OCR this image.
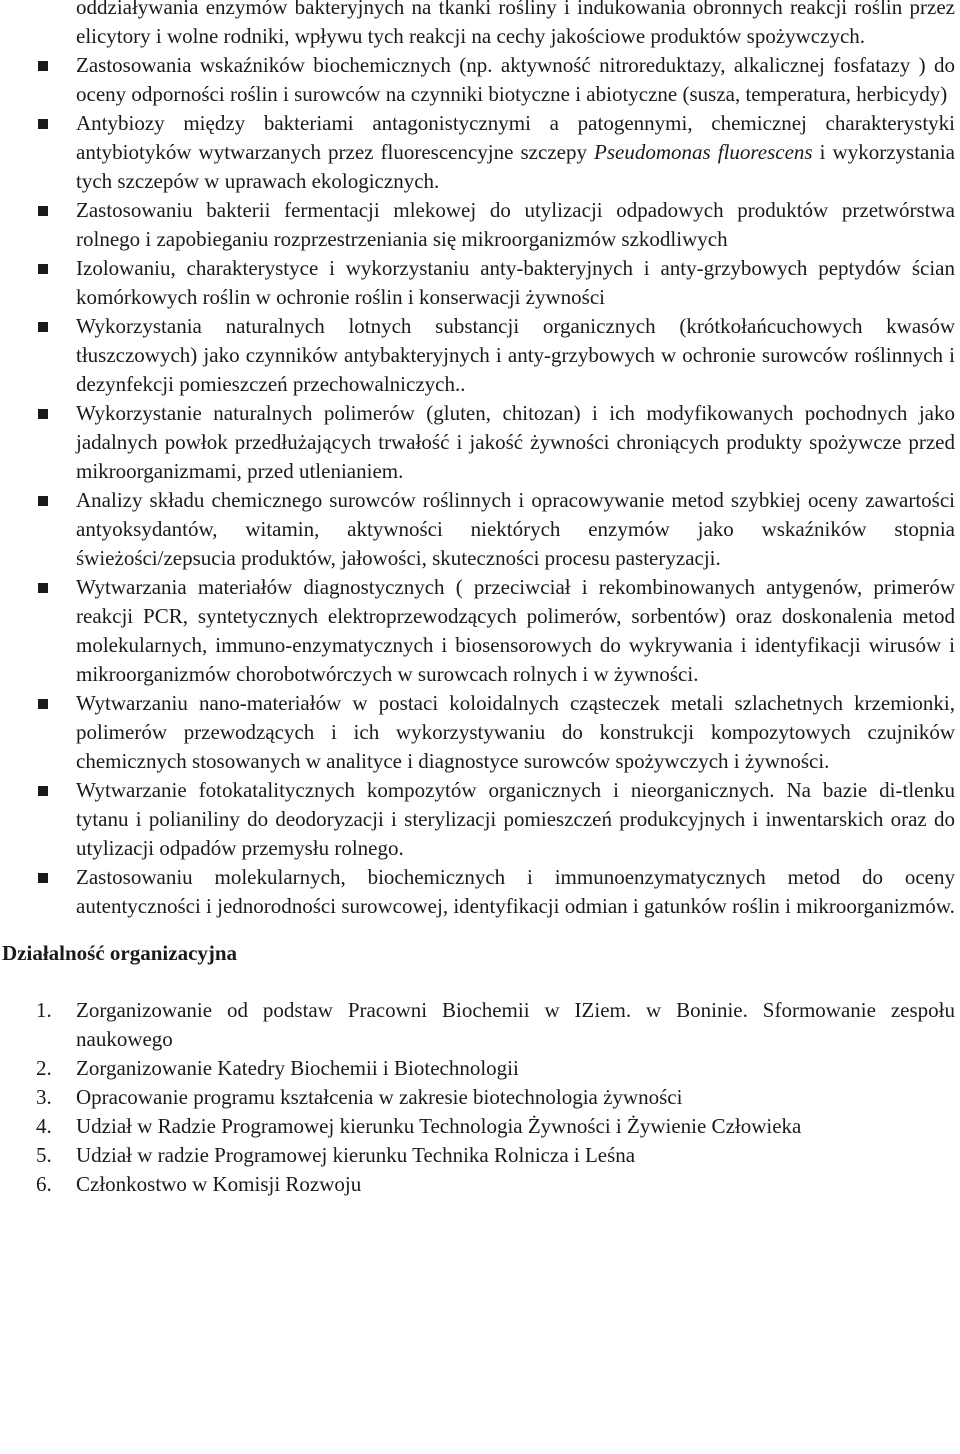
oddziaływania enzymów bakteryjnych na tkanki rośliny i indukowania obronnych reakcji roślin przez elicytory i wolne rodniki, wpływu tych reakcji na cechy jakościowe produktów spożywczych.
Zastosowania wskaźników biochemicznych (np. aktywność nitroreduktazy, alkalicznej fosfatazy ) do oceny odporności roślin i surowców na czynniki biotyczne i abiotyczne (susza, temperatura, herbicydy)
Antybiozy między bakteriami antagonistycznymi a patogennymi, chemicznej charakterystyki antybiotyków wytwarzanych przez fluorescencyjne szczepy Pseudomonas fluorescens i wykorzystania tych szczepów w uprawach ekologicznych.
Zastosowaniu bakterii fermentacji mlekowej do utylizacji odpadowych produktów przetwórstwa rolnego i zapobieganiu rozprzestrzeniania się mikroorganizmów szkodliwych
Izolowaniu, charakterystyce i wykorzystaniu anty-bakteryjnych i anty-grzybowych peptydów ścian komórkowych roślin w ochronie roślin i konserwacji żywności
Wykorzystania naturalnych lotnych substancji organicznych (krótkołańcuchowych kwasów tłuszczowych) jako czynników antybakteryjnych i anty-grzybowych w ochronie surowców roślinnych i dezynfekcji pomieszczeń przechowalniczych..
Wykorzystanie naturalnych polimerów (gluten, chitozan) i ich modyfikowanych pochodnych jako jadalnych powłok przedłużających trwałość i jakość żywności chroniących produkty spożywcze przed mikroorganizmami, przed utlenianiem.
Analizy składu chemicznego surowców roślinnych i opracowywanie metod szybkiej oceny zawartości antyoksydantów, witamin, aktywności niektórych enzymów jako wskaźników stopnia świeżości/zepsucia produktów, jałowości, skuteczności procesu pasteryzacji.
Wytwarzania materiałów diagnostycznych ( przeciwciał i rekombinowanych antygenów, primerów reakcji PCR, syntetycznych elektroprzewodzących polimerów, sorbentów) oraz doskonalenia metod molekularnych, immuno-enzymatycznych i biosensorowych do wykrywania i identyfikacji wirusów i mikroorganizmów chorobotwórczych w surowcach rolnych i w żywności.
Wytwarzaniu nano-materiałów w postaci koloidalnych cząsteczek metali szlachetnych krzemionki, polimerów przewodzących i ich wykorzystywaniu do konstrukcji kompozytowych czujników chemicznych stosowanych w analityce i diagnostyce surowców spożywczych i żywności.
Wytwarzanie fotokatalitycznych kompozytów organicznych i nieorganicznych. Na bazie di-tlenku tytanu i polianiliny do deodoryzacji i sterylizacji pomieszczeń produkcyjnych i inwentarskich oraz do utylizacji odpadów przemysłu rolnego.
Zastosowaniu molekularnych, biochemicznych i immunoenzymatycznych metod do oceny autentyczności i jednorodności surowcowej, identyfikacji odmian i gatunków roślin i mikroorganizmów.
Działalność organizacyjna
1. Zorganizowanie od podstaw Pracowni Biochemii w IZiem. w Boninie. Sformowanie zespołu naukowego
2. Zorganizowanie Katedry Biochemii i Biotechnologii
3. Opracowanie programu kształcenia w zakresie biotechnologia żywności
4. Udział w Radzie Programowej kierunku Technologia Żywności i Żywienie Człowieka
5. Udział w radzie Programowej kierunku Technika Rolnicza i Leśna
6. Członkostwo w Komisji Rozwoju
